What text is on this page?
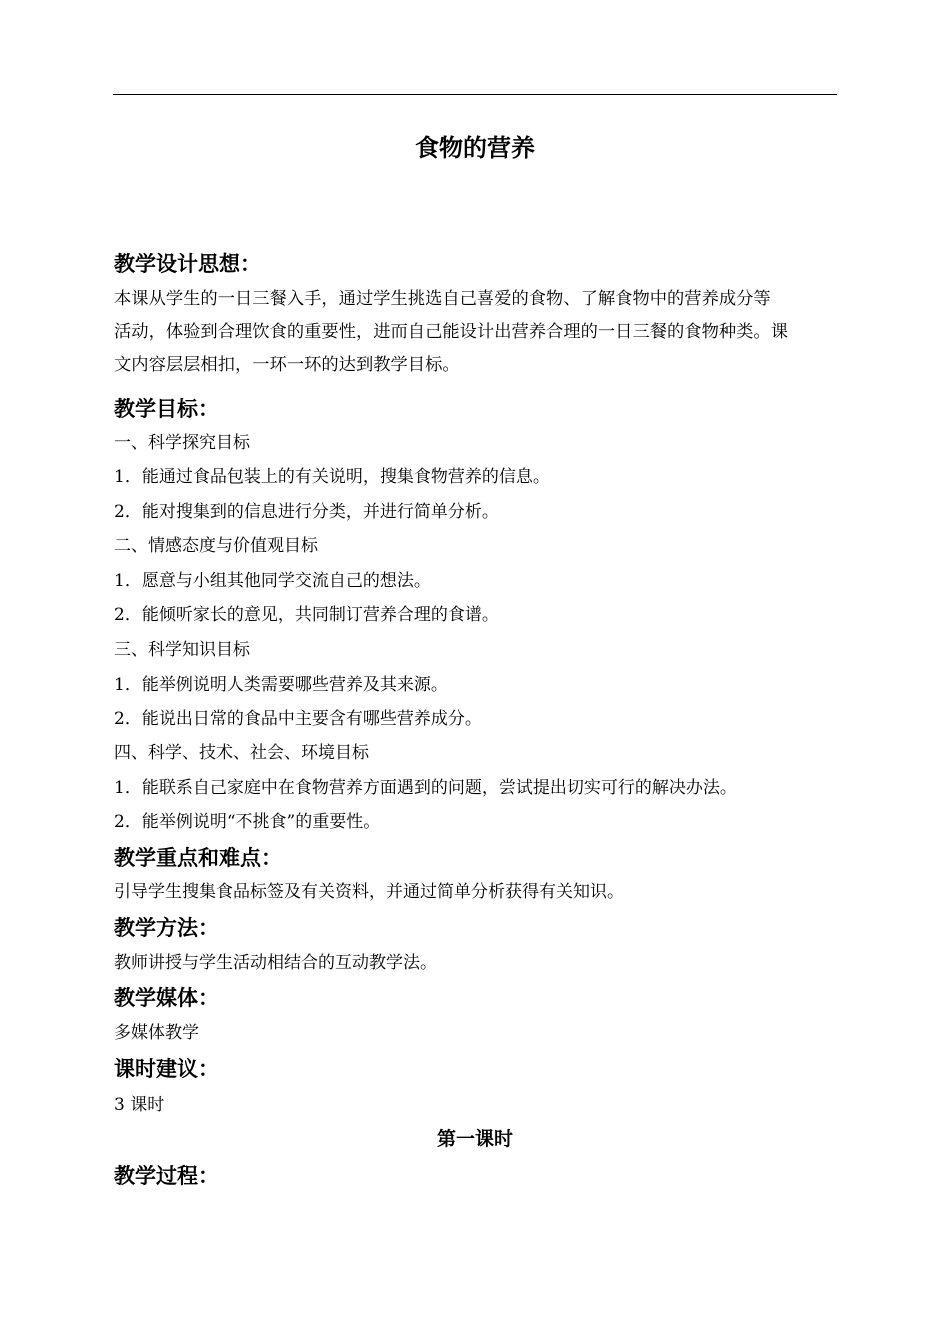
食物的营养
教学设计思想：
本课从学生的一日三餐入手，通过学生挑选自己喜爱的食物、了解食物中的营养成分等
活动，体验到合理饮食的重要性，进而自己能设计出营养合理的一日三餐的食物种类。课
文内容层层相扣，一环一环的达到教学目标。
教学目标：
一、科学探究目标
1．能通过食品包装上的有关说明，搜集食物营养的信息。
2．能对搜集到的信息进行分类，并进行简单分析。
二、情感态度与价值观目标
1．愿意与小组其他同学交流自己的想法。
2．能倾听家长的意见，共同制订营养合理的食谱。
三、科学知识目标
1．能举例说明人类需要哪些营养及其来源。
2．能说出日常的食品中主要含有哪些营养成分。
四、科学、技术、社会、环境目标
1．能联系自己家庭中在食物营养方面遇到的问题，尝试提出切实可行的解决办法。
2．能举例说明“不挑食”的重要性。
教学重点和难点：
引导学生搜集食品标签及有关资料，并通过简单分析获得有关知识。
教学方法：
教师讲授与学生活动相结合的互动教学法。
教学媒体：
多媒体教学
课时建议：
3 课时
第一课时
教学过程：
